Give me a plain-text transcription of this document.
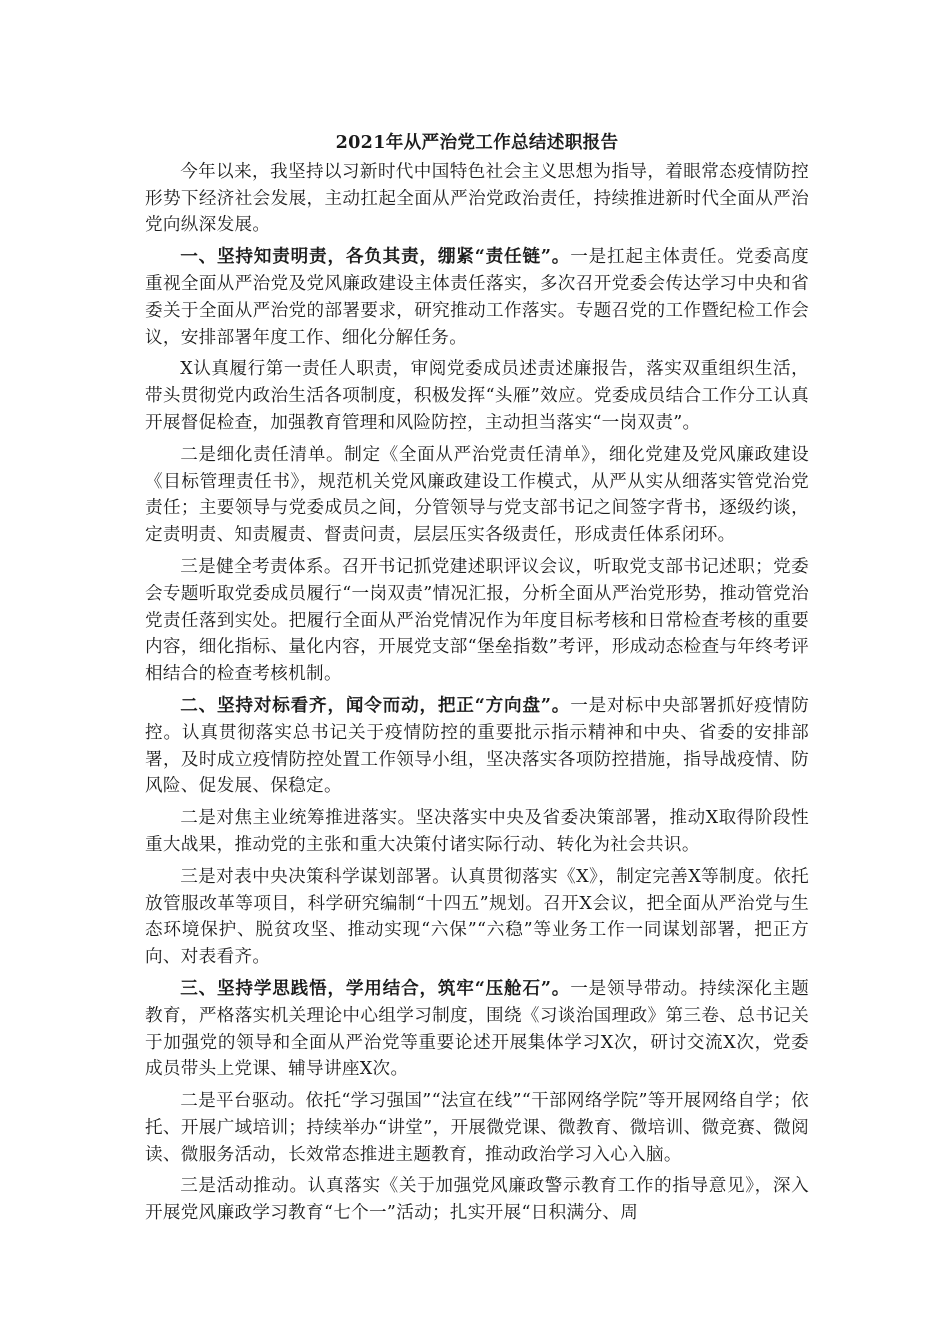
2021年从严治党工作总结述职报告

今年以来，我坚持以习新时代中国特色社会主义思想为指导，着眼常态疫情防控形势下经济社会发展，主动扛起全面从严治党政治责任，持续推进新时代全面从严治党向纵深发展。

一、坚持知责明责，各负其责，绷紧“责任链”。一是扛起主体责任。党委高度重视全面从严治党及党风廉政建设主体责任落实，多次召开党委会传达学习中央和省委关于全面从严治党的部署要求，研究推动工作落实。专题召党的工作暨纪检工作会议，安排部署年度工作、细化分解任务。

X认真履行第一责任人职责，审阅党委成员述责述廉报告，落实双重组织生活，带头贯彻党内政治生活各项制度，积极发挥“头雁”效应。党委成员结合工作分工认真开展督促检查，加强教育管理和风险防控，主动担当落实“一岗双责”。

二是细化责任清单。制定《全面从严治党责任清单》，细化党建及党风廉政建设《目标管理责任书》，规范机关党风廉政建设工作模式，从严从实从细落实管党治党责任；主要领导与党委成员之间，分管领导与党支部书记之间签字背书，逐级约谈，定责明责、知责履责、督责问责，层层压实各级责任，形成责任体系闭环。

三是健全考责体系。召开书记抓党建述职评议会议，听取党支部书记述职；党委会专题听取党委成员履行“一岗双责”情况汇报，分析全面从严治党形势，推动管党治党责任落到实处。把履行全面从严治党情况作为年度目标考核和日常检查考核的重要内容，细化指标、量化内容，开展党支部“堡垒指数”考评，形成动态检查与年终考评相结合的检查考核机制。

二、坚持对标看齐，闻令而动，把正“方向盘”。一是对标中央部署抓好疫情防控。认真贯彻落实总书记关于疫情防控的重要批示指示精神和中央、省委的安排部署，及时成立疫情防控处置工作领导小组，坚决落实各项防控措施，指导战疫情、防风险、促发展、保稳定。

二是对焦主业统筹推进落实。坚决落实中央及省委决策部署，推动X取得阶段性重大战果，推动党的主张和重大决策付诸实际行动、转化为社会共识。

三是对表中央决策科学谋划部署。认真贯彻落实《X》，制定完善X等制度。依托放管服改革等项目，科学研究编制“十四五”规划。召开X会议，把全面从严治党与生态环境保护、脱贫攻坚、推动实现“六保”“六稳”等业务工作一同谋划部署，把正方向、对表看齐。

三、坚持学思践悟，学用结合，筑牢“压舱石”。一是领导带动。持续深化主题教育，严格落实机关理论中心组学习制度，围绕《习谈治国理政》第三卷、总书记关于加强党的领导和全面从严治党等重要论述开展集体学习X次，研讨交流X次，党委成员带头上党课、辅导讲座X次。

二是平台驱动。依托“学习强国”“法宣在线”“干部网络学院”等开展网络自学；依托、开展广域培训；持续举办“讲堂”，开展微党课、微教育、微培训、微竞赛、微阅读、微服务活动，长效常态推进主题教育，推动政治学习入心入脑。

三是活动推动。认真落实《关于加强党风廉政警示教育工作的指导意见》，深入开展党风廉政学习教育“七个一”活动；扎实开展“日积满分、周
